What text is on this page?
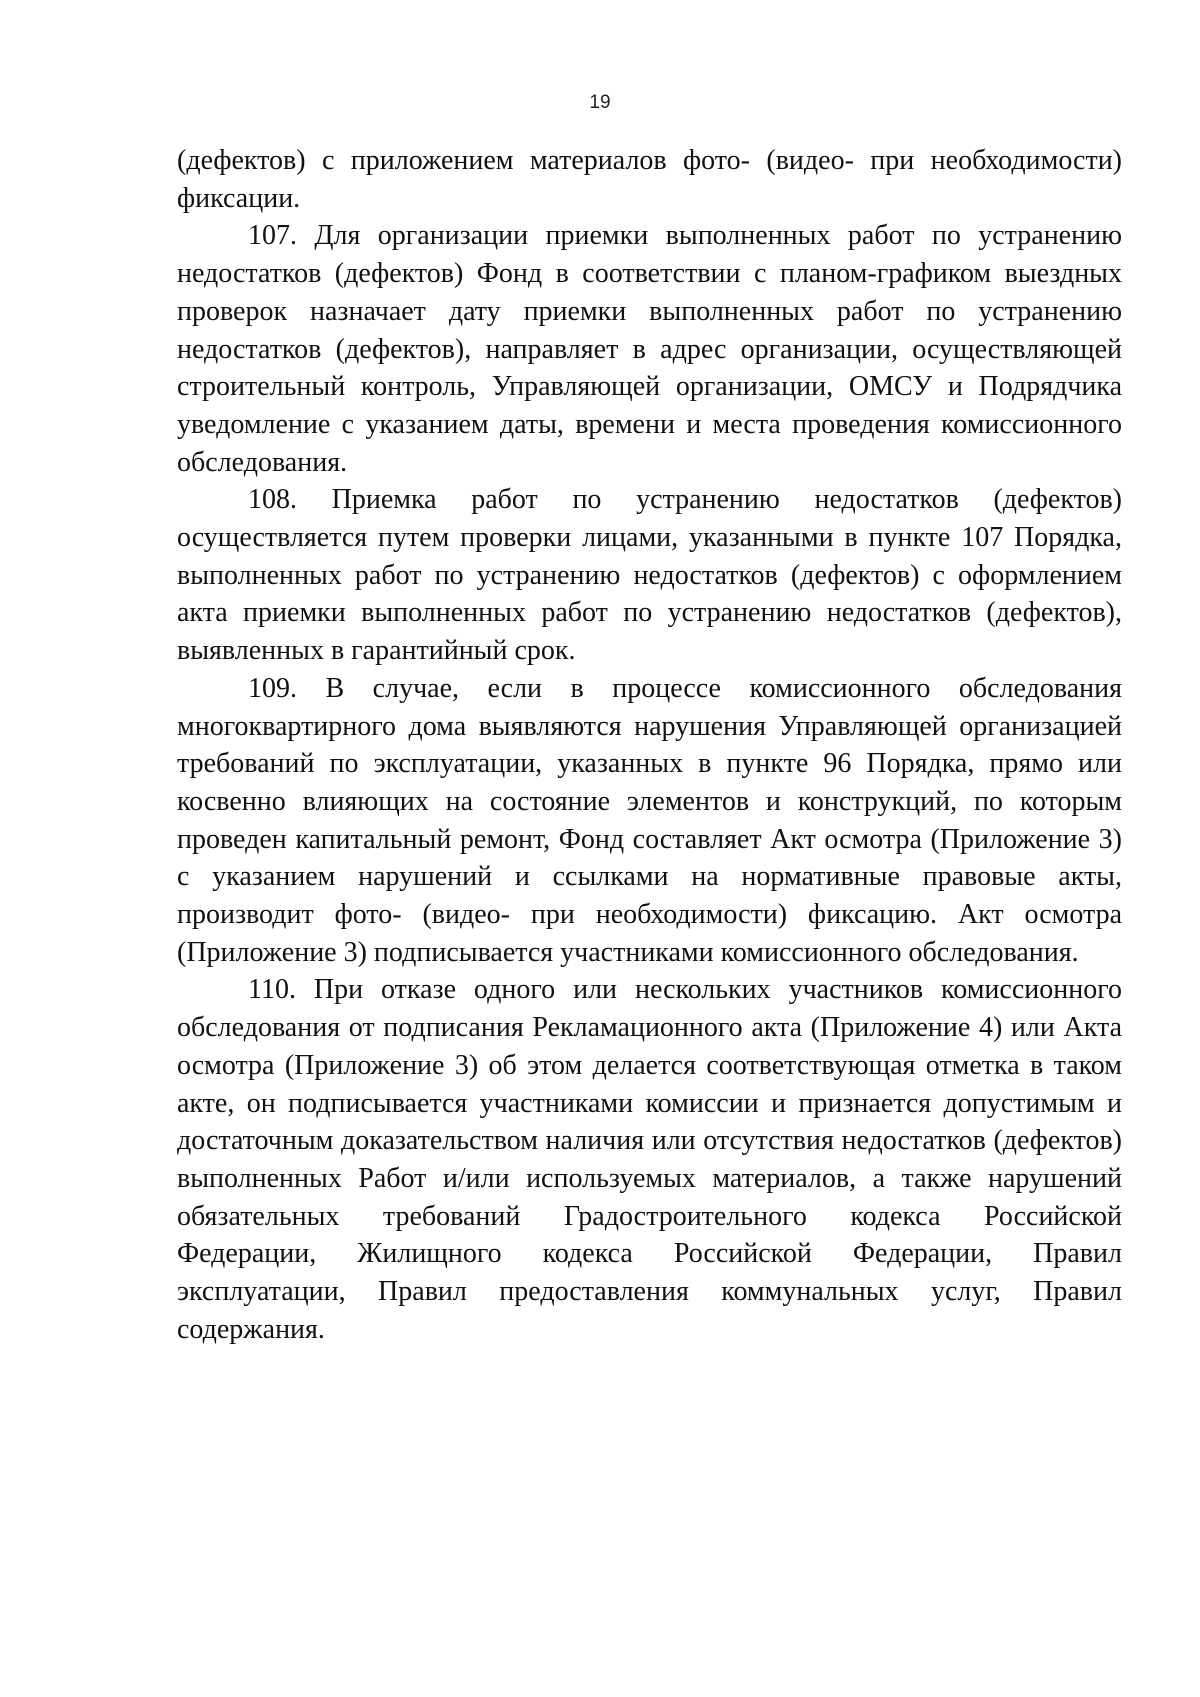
19

(дефектов) с приложением материалов фото- (видео- при необходимости) фиксации.

107. Для организации приемки выполненных работ по устранению недостатков (дефектов) Фонд в соответствии с планом-графиком выездных проверок назначает дату приемки выполненных работ по устранению недостатков (дефектов), направляет в адрес организации, осуществляющей строительный контроль, Управляющей организации, ОМСУ и Подрядчика уведомление с указанием даты, времени и места проведения комиссионного обследования.

108. Приемка работ по устранению недостатков (дефектов) осуществляется путем проверки лицами, указанными в пункте 107 Порядка, выполненных работ по устранению недостатков (дефектов) с оформлением акта приемки выполненных работ по устранению недостатков (дефектов), выявленных в гарантийный срок.

109. В случае, если в процессе комиссионного обследования многоквартирного дома выявляются нарушения Управляющей организацией требований по эксплуатации, указанных в пункте 96 Порядка, прямо или косвенно влияющих на состояние элементов и конструкций, по которым проведен капитальный ремонт, Фонд составляет Акт осмотра (Приложение 3) с указанием нарушений и ссылками на нормативные правовые акты, производит фото- (видео- при необходимости) фиксацию. Акт осмотра (Приложение 3) подписывается участниками комиссионного обследования.

110. При отказе одного или нескольких участников комиссионного обследования от подписания Рекламационного акта (Приложение 4) или Акта осмотра (Приложение 3) об этом делается соответствующая отметка в таком акте, он подписывается участниками комиссии и признается допустимым и достаточным доказательством наличия или отсутствия недостатков (дефектов) выполненных Работ и/или используемых материалов, а также нарушений обязательных требований Градостроительного кодекса Российской Федерации, Жилищного кодекса Российской Федерации, Правил эксплуатации, Правил предоставления коммунальных услуг, Правил содержания.
